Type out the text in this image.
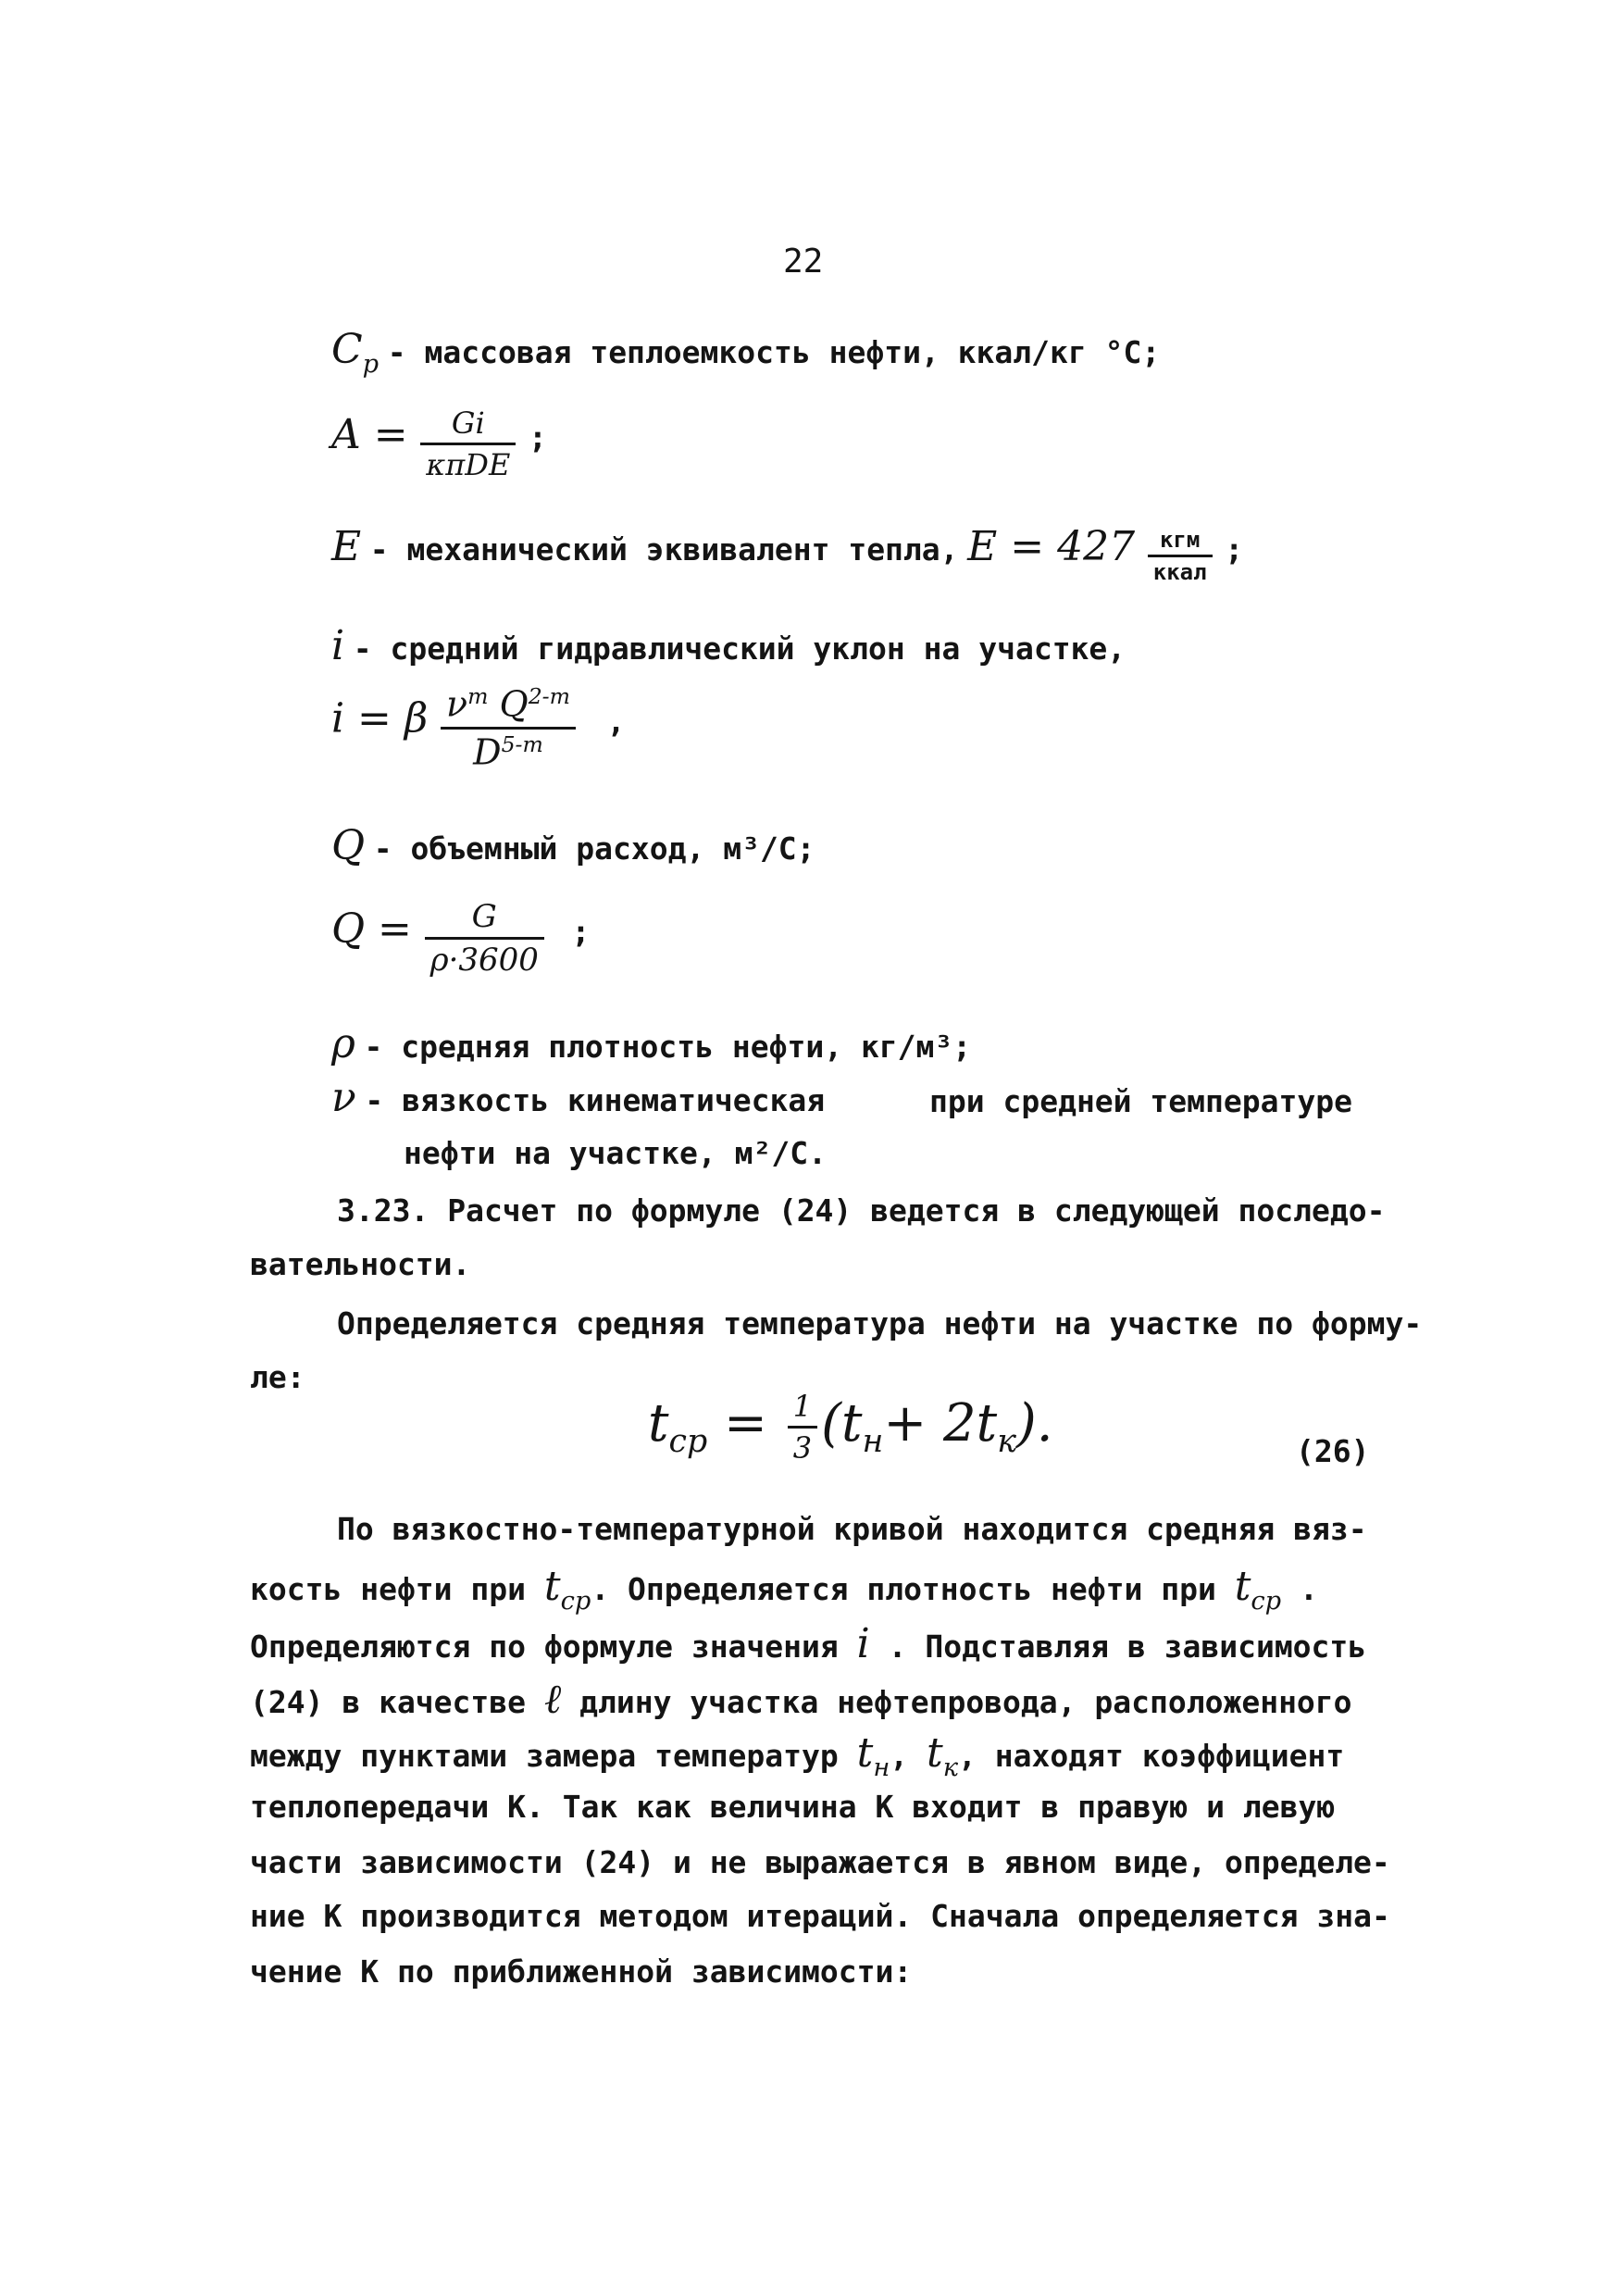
22
$C_p$ - массовая теплоемкость нефти, ккал/кг °С;
$A = \frac{Gi}{\text{κπDE}}$ ;
E - механический эквивалент тепла, $E = 427 \frac{\text{кгм}}{\text{ккал}}$ ;
i - средний гидравлический уклон на участке,
i = β $\frac{\nu^m Q^{2-m}}{D^{5-m}}$ ,
Q - объемный расход, м³/С;
$Q = \frac{G}{\rho\cdot 3600}$ ;
ρ - средняя плотность нефти, кг/м³;
ν - вязкость кинематическая	при средней температуре
нефти на участке, м²/С.
3.23. Расчет по формуле (24) ведется в следующей последо-
вательности.
Определяется средняя температура нефти на участке по форму-
ле:
$t_{ср} = \frac{1}{3} (t_н+ 2t_к)$.	(26)
По вязкостно-температурной кривой находится средняя вяз-
кость нефти при $t_{ср}$. Определяется плотность нефти при $t_{ср}$ .
Определяются по формуле значения i . Подставляя в зависимость
(24) в качестве ℓ длину участка нефтепровода, расположенного
между пунктами замера температур $t_н$, $t_к$, находят коэффициент
теплопередачи K. Так как величина K входит в правую и левую
части зависимости (24) и не выражается в явном виде, определе-
ние K производится методом итераций. Сначала определяется зна-
чение K по приближенной зависимости:
